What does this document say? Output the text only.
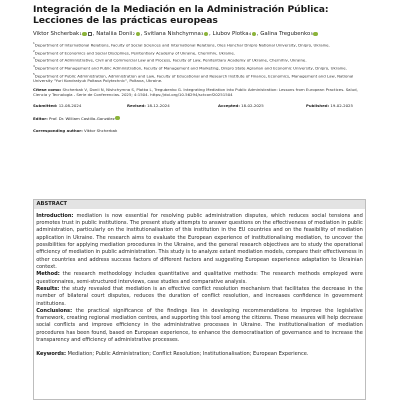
Integración de la Mediación en la Administración Pública: Lecciones de las prácticas europeas
Viktor Shcherbak 1 , Nataliia Donii 2 , Svitlana Nishchymna 3 , Liubov Plotka 4 , Galina Tregubenko 5
$^1$Department of International Relations, Faculty of Social Sciences and International Relations, Oles Honchar Dnipro National University, Dnipro, Ukraine.
$^2$Department of Economics and Social Disciplines, Penitentiary Academy of Ukraine, Chernihiv, Ukraine.
$^3$Department of Administrative, Civil and Commercial Law and Process, Faculty of Law, Penitentiary Academy of Ukraine, Chernihiv, Ukraine.
$^4$Department of Management and Public Administration, Faculty of Management and Marketing, Dnipro State Agrarian and Economic University, Dnipro, Ukraine.
$^5$Department of Public Administration, Administration and Law, Faculty of Educational and Research Institute of Finance, Economics, Management and Law, National University "Yuri Kondratyuk Poltava Polytechnic", Poltava, Ukraine.
Cítese como: Shcherbak V, Donii N, Nishchymna S, Plotka L, Tregubenko G. Integrating Mediation into Public Administration: Lessons from European Practices. Salud, Ciencia y Tecnología - Serie de Conferencias. 2025; 4:1504. https://doi.org/10.56294/sctconf20251504
Submitted: 12-08-2024	Revised: 18-12-2024	Accepted: 18-02-2025	Published: 19-02-2025
Editor:
Prof. Dr. William Castillo-González
Corresponding author: Viktor Shcherbak
ABSTRACT

Introduction: mediation is now essential for resolving public administration disputes, which reduces social tensions and promotes trust in public institutions. The present study attempts to answer questions on the effectiveness of mediation in public administration, particularly on the institutionalisation of this institution in the EU countries and on the feasibility of mediation application in Ukraine. The research aims to evaluate the European experience of institutionalising mediation, to uncover the possibilities for applying mediation procedures in the Ukraine, and the general research objectives are to study the operational efficiency of mediation in public administration. This study is to analyze extant mediation models, compare their effectiveness in other countries and address success factors of different factors and suggesting European experience adaptation to Ukrainian context.

Method: the research methodology includes quantitative and qualitative methods: The research methods employed were questionnaires, semi-structured interviews, case studies and comparative analysis.

Results: the study revealed that mediation is an effective conflict resolution mechanism that facilitates the decrease in the number of bilateral court disputes, reduces the duration of conflict resolution, and increases confidence in government institutions.

Conclusions: the practical significance of the findings lies in developing recommendations to improve the legislative framework, creating regional mediation centres, and supporting this tool among the citizens. These measures will help decrease social conflicts and improve efficiency in the administrative processes in Ukraine. The institutionalisation of mediation procedures has been found, based on European experience, to enhance the democratisation of governance and to increase the transparency and efficiency of administrative processes.

Keywords: Mediation; Public Administration; Conflict Resolution; Institutionalisation; European Experience.
